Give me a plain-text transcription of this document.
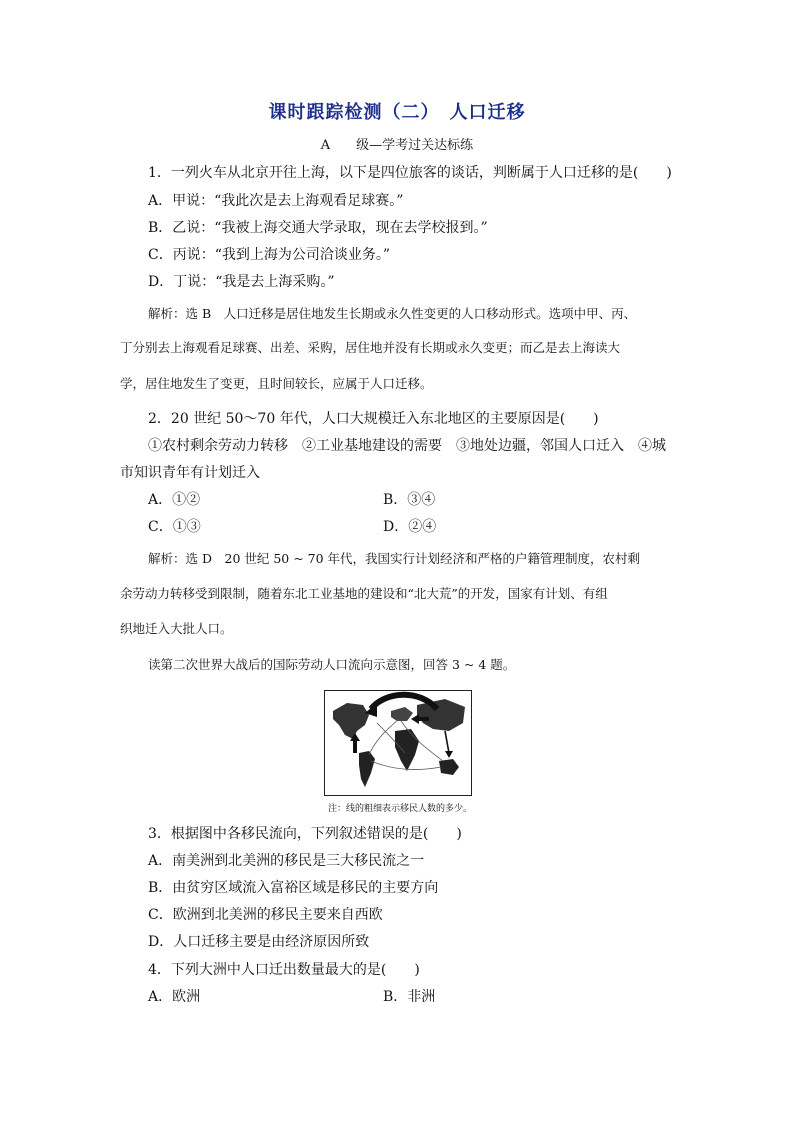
课时跟踪检测（二）　人口迁移
A　　级—学考过关达标练
1．一列火车从北京开往上海，以下是四位旅客的谈话，判断属于人口迁移的是(　　)
A．甲说：“我此次是去上海观看足球赛。”
B．乙说：“我被上海交通大学录取，现在去学校报到。”
C．丙说：“我到上海为公司洽谈业务。”
D．丁说：“我是去上海采购。”
解析：选 B　人口迁移是居住地发生长期或永久性变更的人口移动形式。选项中甲、丙、
丁分别去上海观看足球赛、出差、采购，居住地并没有长期或永久变更；而乙是去上海读大
学，居住地发生了变更，且时间较长，应属于人口迁移。
2．20 世纪 50～70 年代，人口大规模迁入东北地区的主要原因是(　　)
①农村剩余劳动力转移　②工业基地建设的需要　③地处边疆，邻国人口迁入　④城
市知识青年有计划迁入
A．①②	B．③④
C．①③	D．②④
解析：选 D　20 世纪 50 ~ 70 年代，我国实行计划经济和严格的户籍管理制度，农村剩
余劳动力转移受到限制，随着东北工业基地的建设和“北大荒”的开发，国家有计划、有组
织地迁入大批人口。
读第二次世界大战后的国际劳动人口流向示意图，回答 3 ~ 4 题。
注：线的粗细表示移民人数的多少。
3．根据图中各移民流向，下列叙述错误的是(　　)
A．南美洲到北美洲的移民是三大移民流之一
B．由贫穷区域流入富裕区域是移民的主要方向
C．欧洲到北美洲的移民主要来自西欧
D．人口迁移主要是由经济原因所致
4．下列大洲中人口迁出数量最大的是(　　)
A．欧洲	B．非洲
